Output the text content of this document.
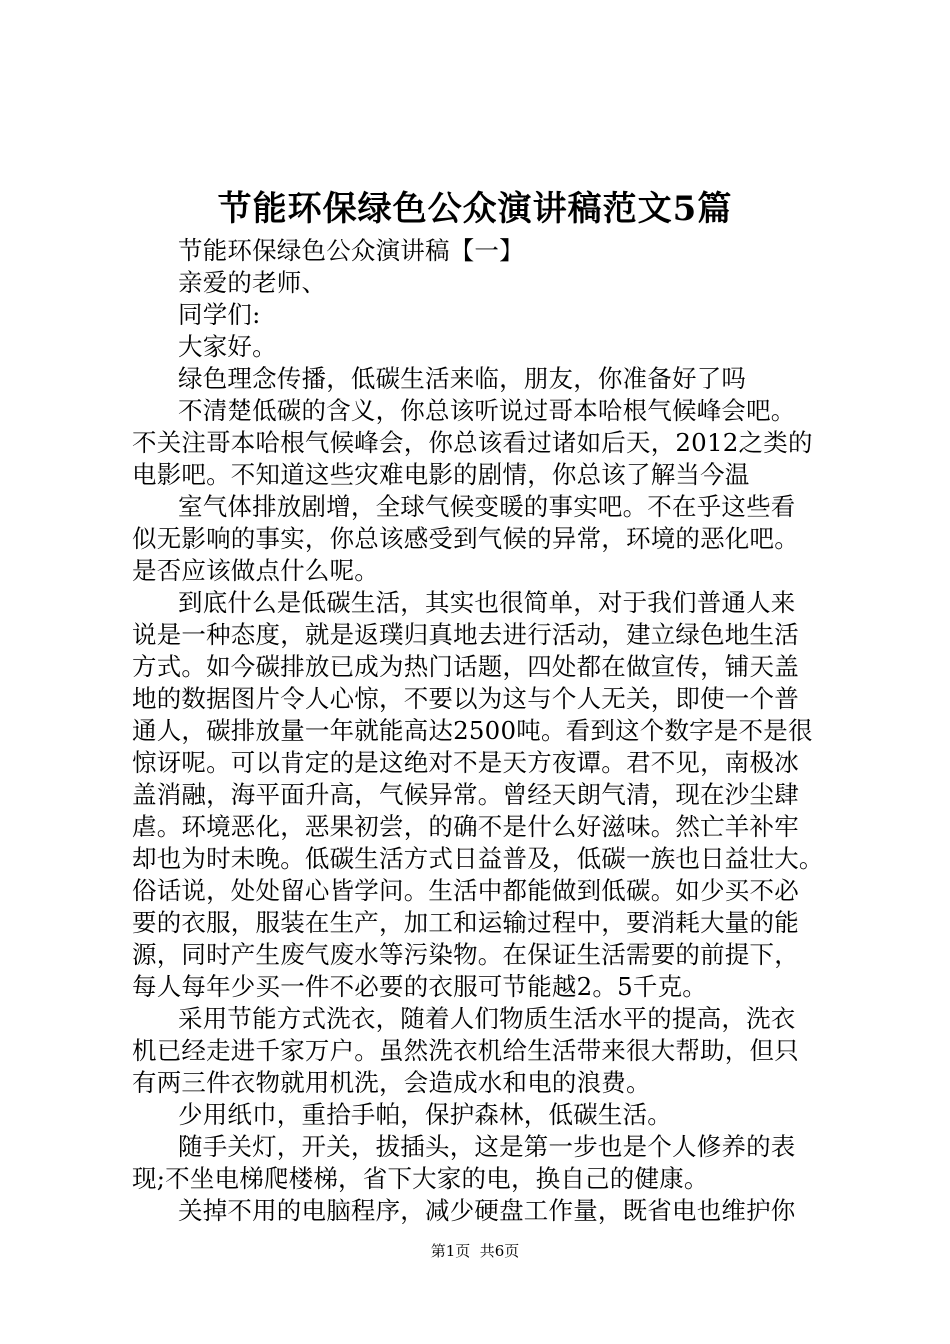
节能环保绿色公众演讲稿范文5篇
节能环保绿色公众演讲稿【一】
亲爱的老师、
同学们:
大家好。
绿色理念传播，低碳生活来临，朋友，你准备好了吗
不清楚低碳的含义，你总该听说过哥本哈根气候峰会吧。
不关注哥本哈根气候峰会，你总该看过诸如后天，2012之类的
电影吧。不知道这些灾难电影的剧情，你总该了解当今温
室气体排放剧增，全球气候变暖的事实吧。不在乎这些看
似无影响的事实，你总该感受到气候的异常，环境的恶化吧。
是否应该做点什么呢。
到底什么是低碳生活，其实也很简单，对于我们普通人来
说是一种态度，就是返璞归真地去进行活动，建立绿色地生活
方式。如今碳排放已成为热门话题，四处都在做宣传，铺天盖
地的数据图片令人心惊，不要以为这与个人无关，即使一个普
通人，碳排放量一年就能高达2500吨。看到这个数字是不是很
惊讶呢。可以肯定的是这绝对不是天方夜谭。君不见，南极冰
盖消融，海平面升高，气候异常。曾经天朗气清，现在沙尘肆
虐。环境恶化，恶果初尝，的确不是什么好滋味。然亡羊补牢
却也为时未晚。低碳生活方式日益普及，低碳一族也日益壮大。
俗话说，处处留心皆学问。生活中都能做到低碳。如少买不必
要的衣服，服装在生产，加工和运输过程中，要消耗大量的能
源，同时产生废气废水等污染物。在保证生活需要的前提下，
每人每年少买一件不必要的衣服可节能越2。5千克。
采用节能方式洗衣，随着人们物质生活水平的提高，洗衣
机已经走进千家万户。虽然洗衣机给生活带来很大帮助，但只
有两三件衣物就用机洗，会造成水和电的浪费。
少用纸巾，重拾手帕，保护森林，低碳生活。
随手关灯，开关，拔插头，这是第一步也是个人修养的表
现;不坐电梯爬楼梯，省下大家的电，换自己的健康。
关掉不用的电脑程序，减少硬盘工作量，既省电也维护你
第1页  共6页
